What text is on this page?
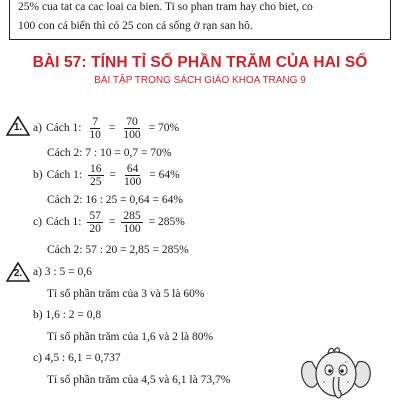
25% cua tat ca cac loai ca bien. Ti so phan tram hay cho biet, co
100 con cá biển thì có 25 con cá sống ở rạn san hô.
BÀI 57: TÍNH TỈ SỐ PHẦN TRĂM CỦA HAI SỐ
BÀI TẬP TRONG SÁCH GIÁO KHOA TRANG 9
1. a) Cách 1: $\frac{7}{10} = \frac{70}{100} = 70\%$
Cách 2: 7 : 10 = 0,7 = 70%
b) Cách 1: $\frac{16}{25} = \frac{64}{100} = 64\%$
Cách 2: 16 : 25 = 0,64 = 64%
c) Cách 1: $\frac{57}{20} = \frac{285}{100} = 285\%$
Cách 2: 57 : 20 = 2,85 = 285%
2. a) 3 : 5 = 0,6
Tỉ số phần trăm của 3 và 5 là 60%
b) 1,6 : 2 = 0,8
Tỉ số phần trăm của 1,6 và 2 là 80%
c) 4,5 : 6,1 = 0,737
Tỉ số phần trăm của 4,5 và 6,1 là 73,7%
